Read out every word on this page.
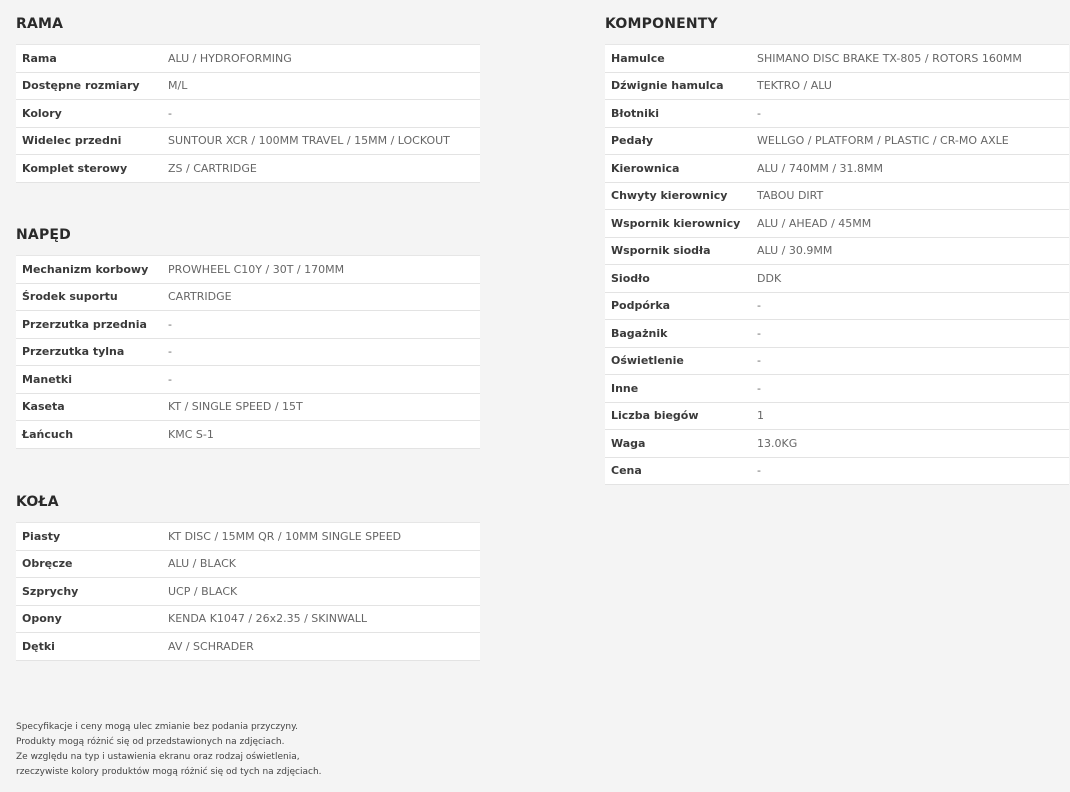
RAMA
Rama	ALU / HYDROFORMING
Dostępne rozmiary	M/L
Kolory	-
Widelec przedni	SUNTOUR XCR / 100MM TRAVEL / 15MM / LOCKOUT
Komplet sterowy	ZS / CARTRIDGE
NAPĘD
Mechanizm korbowy	PROWHEEL C10Y / 30T / 170MM
Środek suportu	CARTRIDGE
Przerzutka przednia	-
Przerzutka tylna	-
Manetki	-
Kaseta	KT / SINGLE SPEED / 15T
Łańcuch	KMC S-1
KOŁA
Piasty	KT DISC / 15MM QR / 10MM SINGLE SPEED
Obręcze	ALU / BLACK
Szprychy	UCP / BLACK
Opony	KENDA K1047 / 26x2.35 / SKINWALL
Dętki	AV / SCHRADER
KOMPONENTY
Hamulce	SHIMANO DISC BRAKE TX-805 / ROTORS 160MM
Dźwignie hamulca	TEKTRO / ALU
Błotniki	-
Pedały	WELLGO / PLATFORM / PLASTIC / CR-MO AXLE
Kierownica	ALU / 740MM / 31.8MM
Chwyty kierownicy	TABOU DIRT
Wspornik kierownicy	ALU / AHEAD / 45MM
Wspornik siodła	ALU / 30.9MM
Siodło	DDK
Podpórka	-
Bagażnik	-
Oświetlenie	-
Inne	-
Liczba biegów	1
Waga	13.0KG
Cena	-
Specyfikacje i ceny mogą ulec zmianie bez podania przyczyny.
Produkty mogą różnić się od przedstawionych na zdjęciach.
Ze względu na typ i ustawienia ekranu oraz rodzaj oświetlenia,
rzeczywiste kolory produktów mogą różnić się od tych na zdjęciach.
